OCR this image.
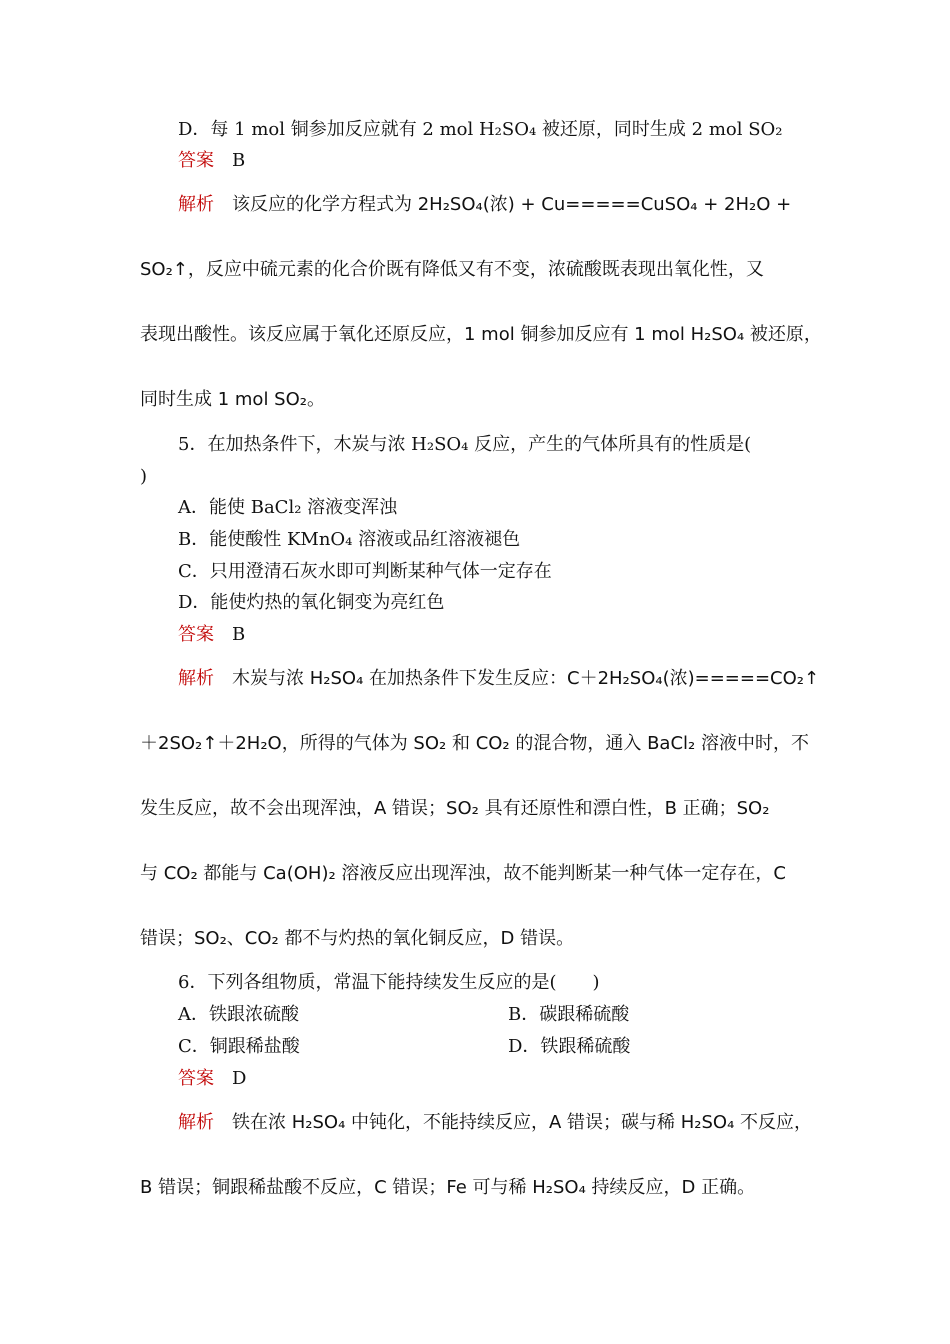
D．每 1 mol 铜参加反应就有 2 mol H₂SO₄ 被还原，同时生成 2 mol SO₂
答案 B
解析 该反应的化学方程式为 2H₂SO₄(浓) + Cu=====CuSO₄ + 2H₂O +
SO₂↑，反应中硫元素的化合价既有降低又有不变，浓硫酸既表现出氧化性，又
表现出酸性。该反应属于氧化还原反应，1 mol 铜参加反应有 1 mol H₂SO₄ 被还原，
同时生成 1 mol SO₂。
5．在加热条件下，木炭与浓 H₂SO₄ 反应，产生的气体所具有的性质是(
)
A．能使 BaCl₂ 溶液变浑浊
B．能使酸性 KMnO₄ 溶液或品红溶液褪色
C．只用澄清石灰水即可判断某种气体一定存在
D．能使灼热的氧化铜变为亮红色
答案 B
解析 木炭与浓 H₂SO₄ 在加热条件下发生反应：C＋2H₂SO₄(浓)=====CO₂↑
＋2SO₂↑＋2H₂O，所得的气体为 SO₂ 和 CO₂ 的混合物，通入 BaCl₂ 溶液中时，不
发生反应，故不会出现浑浊，A 错误；SO₂ 具有还原性和漂白性，B 正确；SO₂
与 CO₂ 都能与 Ca(OH)₂ 溶液反应出现浑浊，故不能判断某一种气体一定存在，C
错误；SO₂、CO₂ 都不与灼热的氧化铜反应，D 错误。
6．下列各组物质，常温下能持续发生反应的是(　　)
A．铁跟浓硫酸	B．碳跟稀硫酸
C．铜跟稀盐酸	D．铁跟稀硫酸
答案 D
解析 铁在浓 H₂SO₄ 中钝化，不能持续反应，A 错误；碳与稀 H₂SO₄ 不反应，
B 错误；铜跟稀盐酸不反应，C 错误；Fe 可与稀 H₂SO₄ 持续反应，D 正确。
